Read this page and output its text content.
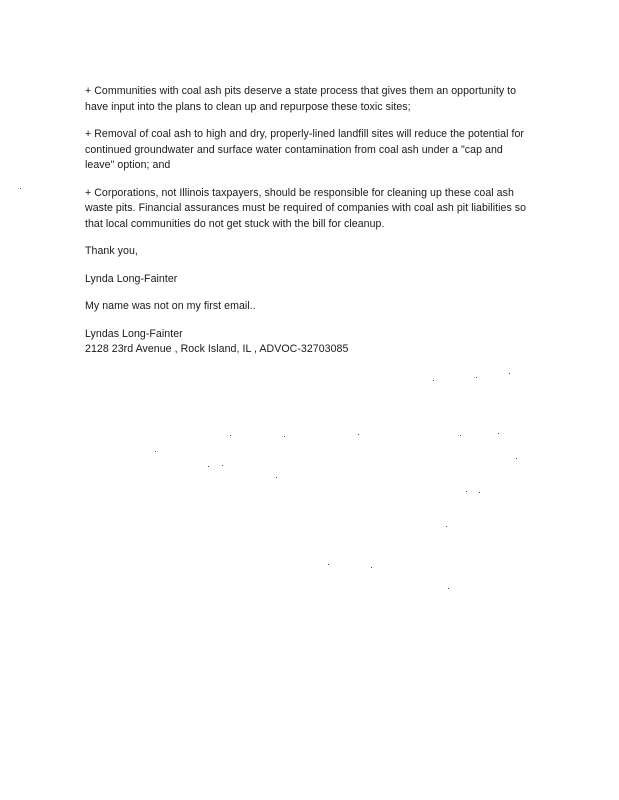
+ Communities with coal ash pits deserve a state process that gives them an opportunity to have input into the plans to clean up and repurpose these toxic sites;

+ Removal of coal ash to high and dry, properly-lined landfill sites will reduce the potential for continued groundwater and surface water contamination from coal ash under a "cap and leave" option; and

+ Corporations, not Illinois taxpayers, should be responsible for cleaning up these coal ash waste pits. Financial assurances must be required of companies with coal ash pit liabilities so that local communities do not get stuck with the bill for cleanup.

Thank you,

Lynda Long-Fainter

My name was not on my first email..

Lyndas Long-Fainter
2128 23rd Avenue , Rock Island, IL , ADVOC-32703085
